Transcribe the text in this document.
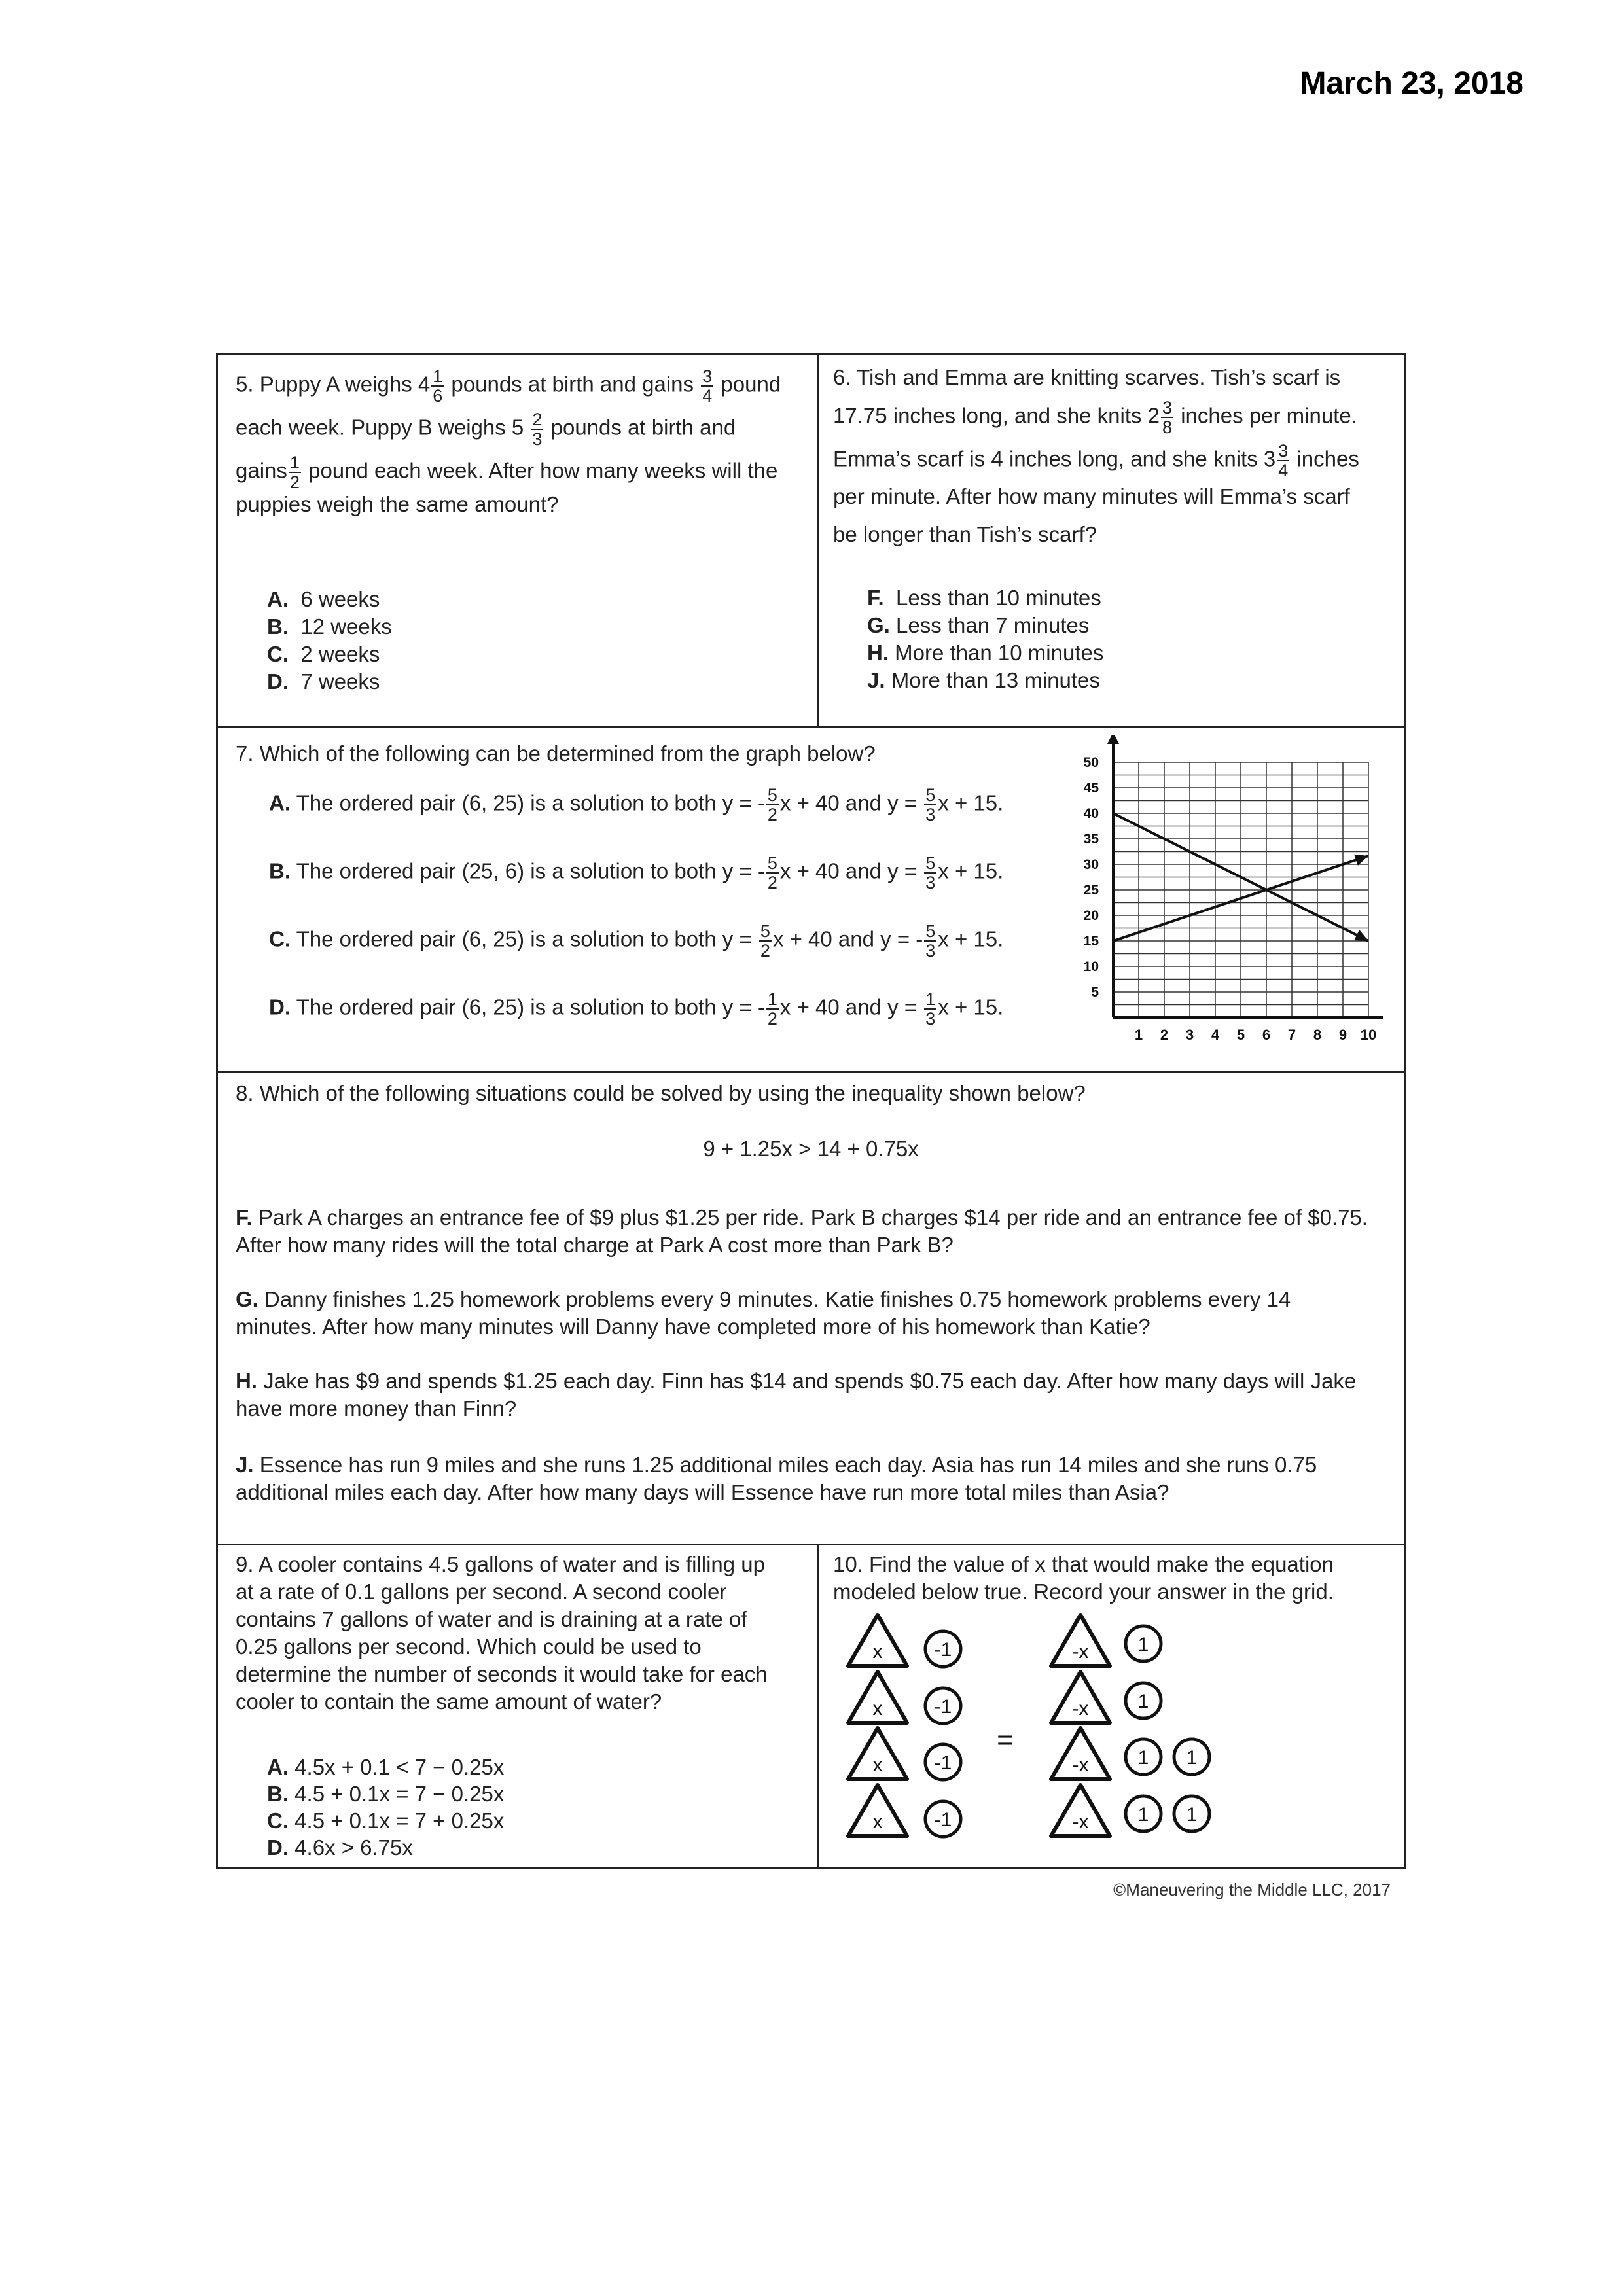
March 23, 2018
5. Puppy A weighs $4 \frac{1}{6}$ pounds at birth and gains $\frac{3}{4}$ pound
each week. Puppy B weighs $5 \frac{2}{3}$ pounds at birth and
gains $\frac{1}{2}$ pound each week. After how many weeks will the
puppies weigh the same amount?
A. 6 weeks
B. 12 weeks
C. 2 weeks
D. 7 weeks
6. Tish and Emma are knitting scarves. Tish’s scarf is
17.75 inches long, and she knits $2 \frac{3}{8}$ inches per minute.
Emma’s scarf is 4 inches long, and she knits $3 \frac{3}{4}$ inches
per minute. After how many minutes will Emma’s scarf
be longer than Tish’s scarf?
F. Less than 10 minutes
G. Less than 7 minutes
H. More than 10 minutes
J. More than 13 minutes
7. Which of the following can be determined from the graph below?
A. The ordered pair (6, 25) is a solution to both y = - $\frac{5}{2}$ x + 40 and $y = \frac{5}{3}$ x + 15.
B. The ordered pair (25, 6) is a solution to both y = - $\frac{5}{2}$ x + 40 and $y = \frac{5}{3}$ x + 15.
C. The ordered pair (6, 25) is a solution to both $y = \frac{5}{2}$ x + 40 and y = - $\frac{5}{3}$ x + 15.
D. The ordered pair (6, 25) is a solution to both y = - $\frac{1}{2}$ x + 40 and $y = \frac{1}{3}$ x + 15.
1 2 3 4 5 6 7 8 9 10
5
10
15
20
25
30
35
40
45
50
8. Which of the following situations could be solved by using the inequality shown below?
9 + 1.25x > 14 + 0.75x
F. Park A charges an entrance fee of $9 plus $1.25 per ride. Park B charges $14 per ride and an entrance fee of $0.75.
After how many rides will the total charge at Park A cost more than Park B?
G. Danny finishes 1.25 homework problems every 9 minutes. Katie finishes 0.75 homework problems every 14
minutes. After how many minutes will Danny have completed more of his homework than Katie?
H. Jake has $9 and spends $1.25 each day. Finn has $14 and spends $0.75 each day. After how many days will Jake
have more money than Finn?
J. Essence has run 9 miles and she runs 1.25 additional miles each day. Asia has run 14 miles and she runs 0.75
additional miles each day. After how many days will Essence have run more total miles than Asia?
9. A cooler contains 4.5 gallons of water and is filling up
at a rate of 0.1 gallons per second. A second cooler
contains 7 gallons of water and is draining at a rate of
0.25 gallons per second. Which could be used to
determine the number of seconds it would take for each
cooler to contain the same amount of water?
A. 4.5x + 0.1 < 7 − 0.25x
B. 4.5 + 0.1x = 7 − 0.25x
C. 4.5 + 0.1x = 7 + 0.25x
D. 4.6x > 6.75x
10. Find the value of x that would make the equation
modeled below true. Record your answer in the grid.
x	-1	-x	1
x	-1	-x	1
x	-1	-x	1 1
x	-1	-x	1 1
=
©Maneuvering the Middle LLC, 2017
